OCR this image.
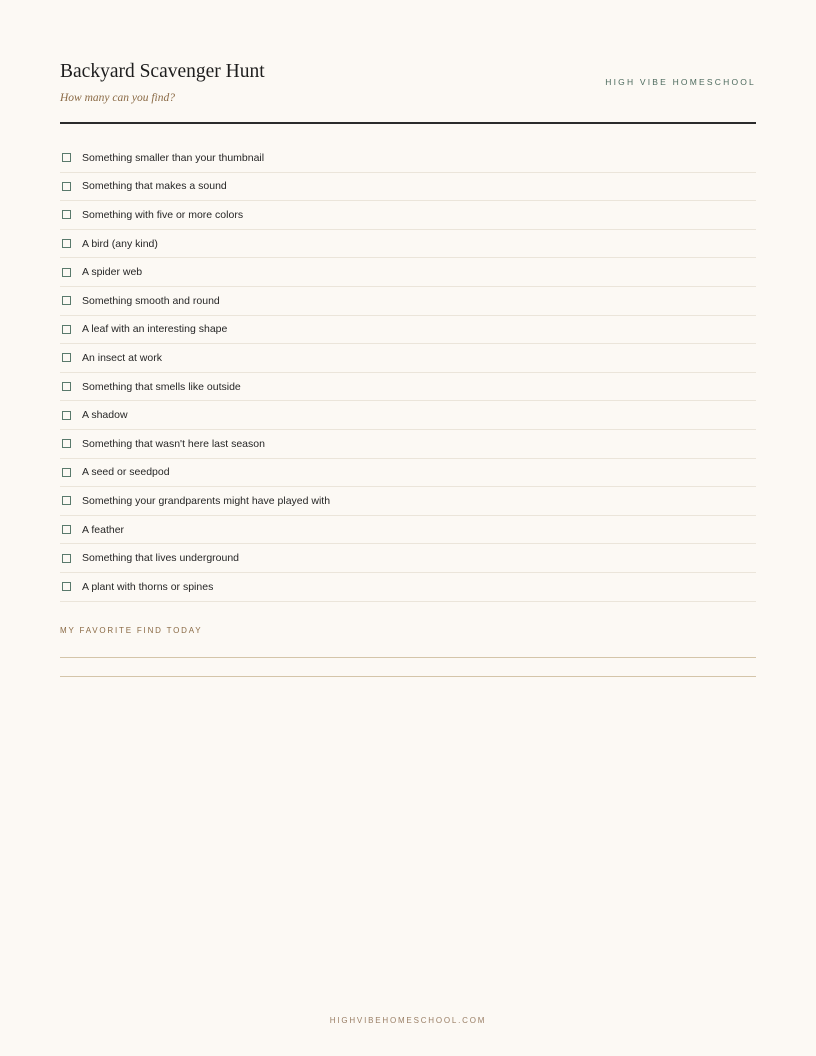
Backyard Scavenger Hunt

How many can you find?

HIGH VIBE HOMESCHOOL
Something smaller than your thumbnail
Something that makes a sound
Something with five or more colors
A bird (any kind)
A spider web
Something smooth and round
A leaf with an interesting shape
An insect at work
Something that smells like outside
A shadow
Something that wasn't here last season
A seed or seedpod
Something your grandparents might have played with
A feather
Something that lives underground
A plant with thorns or spines
MY FAVORITE FIND TODAY
HIGHVIBEHOMESCHOOL.COM
